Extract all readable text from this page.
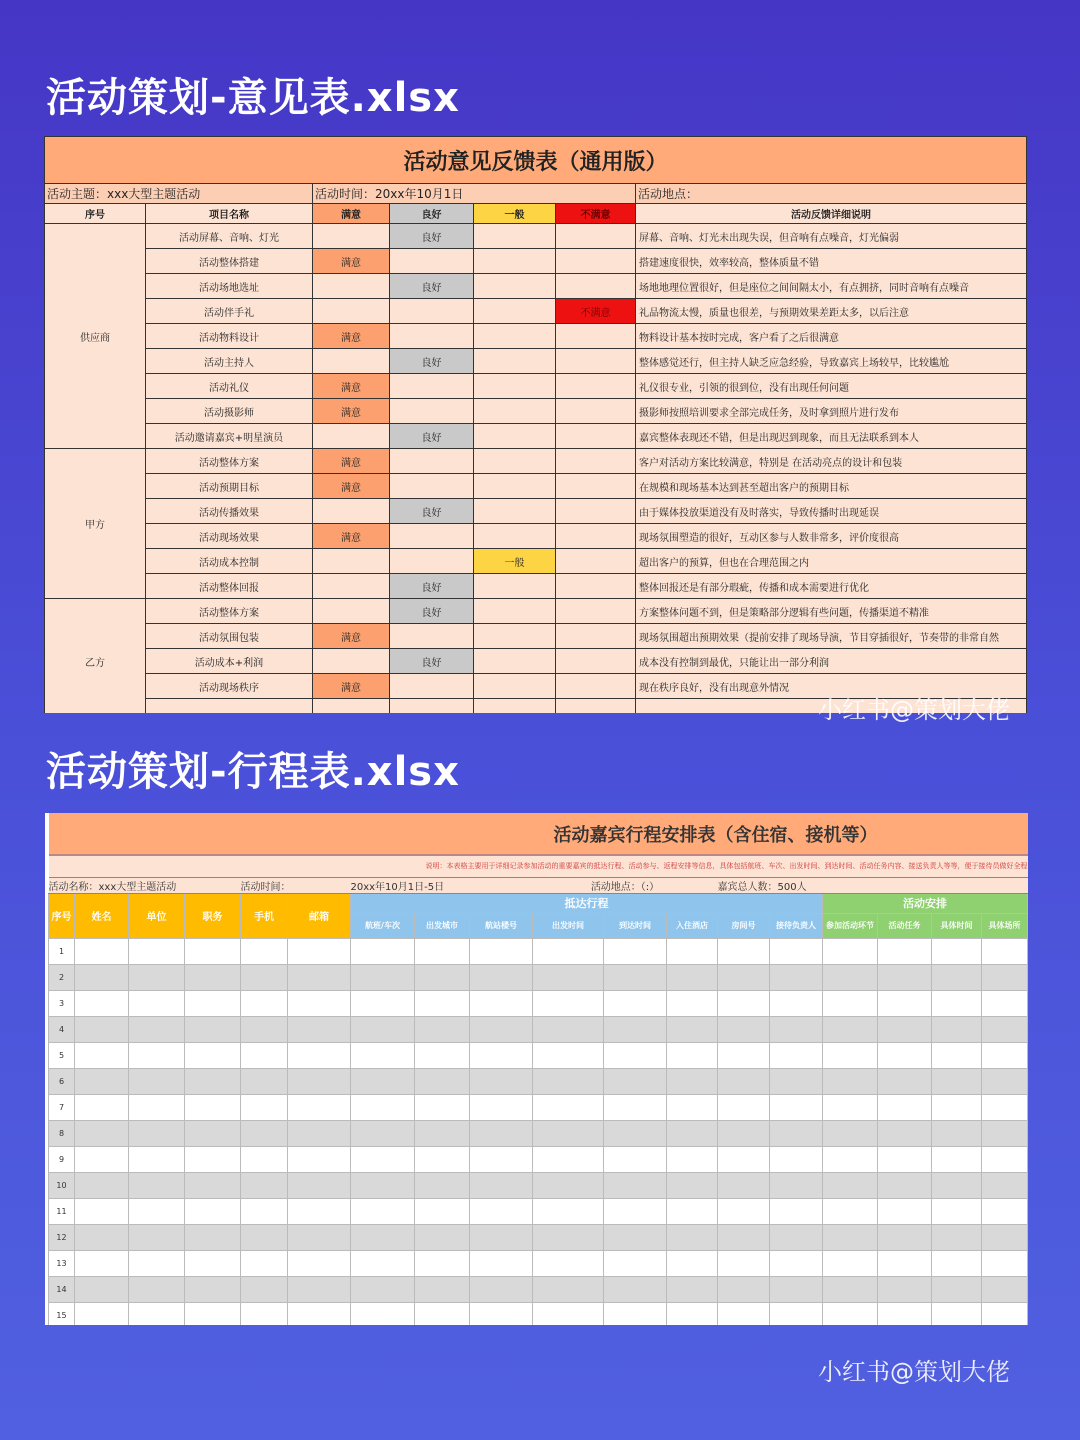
活动策划-意见表.xlsx
活动意见反馈表（通用版）						
活动主题：xxx大型主题活动		活动时间：20xx年10月1日				活动地点：
序号	项目名称	满意	良好	一般	不满意	活动反馈详细说明
供应商	活动屏幕、音响、灯光		良好			屏幕、音响、灯光未出现失误，但音响有点噪音，灯光偏弱
	活动整体搭建	满意				搭建速度很快，效率较高，整体质量不错
	活动场地选址		良好			场地地理位置很好，但是座位之间间隔太小，有点拥挤，同时音响有点噪音
	活动伴手礼				不满意	礼品物流太慢，质量也很差，与预期效果差距太多，以后注意
	活动物料设计	满意				物料设计基本按时完成，客户看了之后很满意
	活动主持人		良好			整体感觉还行，但主持人缺乏应急经验，导致嘉宾上场较早，比较尴尬
	活动礼仪	满意				礼仪很专业，引领的很到位，没有出现任何问题
	活动摄影师	满意				摄影师按照培训要求全部完成任务，及时拿到照片进行发布
	活动邀请嘉宾+明星演员		良好			嘉宾整体表现还不错，但是出现迟到现象，而且无法联系到本人
甲方	活动整体方案	满意				客户对活动方案比较满意，特别是 在活动亮点的设计和包装
	活动预期目标	满意				在规模和现场基本达到甚至超出客户的预期目标
	活动传播效果		良好			由于媒体投放渠道没有及时落实，导致传播时出现延误
	活动现场效果	满意				现场氛围塑造的很好，互动区参与人数非常多，评价度很高
	活动成本控制			一般		超出客户的预算，但也在合理范围之内
	活动整体回报		良好			整体回报还是有部分瑕疵，传播和成本需要进行优化
乙方	活动整体方案		良好			方案整体问题不到，但是策略部分逻辑有些问题，传播渠道不精准
	活动氛围包装	满意				现场氛围超出预期效果（提前安排了现场导演，节目穿插很好，节奏带的非常自然
	活动成本+利润		良好			成本没有控制到最优，只能让出一部分利润
	活动现场秩序	满意				现在秩序良好，没有出现意外情况

小红书@策划大佬
活动策划-行程表.xlsx
活动嘉宾行程安排表（含住宿、接机等）																	
说明：本表格主要用于详细记录参加活动的重要嘉宾的抵达行程、活动参与、返程安排等信息，具体包括航班、车次、出发时间、到达时间、活动任务内容、接送负责人等等，便于接待员做好全程																	
活动名称：xxx大型主题活动				活动时间：		20xx年10月1日-5日			活动地点：（:）			嘉宾总人数：500人					
序号	姓名	单位	职务	手机	邮箱	抵达行程								活动安排			
						航班/车次	出发城市	航站楼号	出发时间	到达时间	入住酒店	房间号	接待负责人	参加活动环节	活动任务	具体时间	具体场所
1																	
2																	
3																	
4																	
5																	
6																	
7																	
8																	
9																	
10																	
11																	
12																	
13																	
14																	
15																	
小红书@策划大佬
